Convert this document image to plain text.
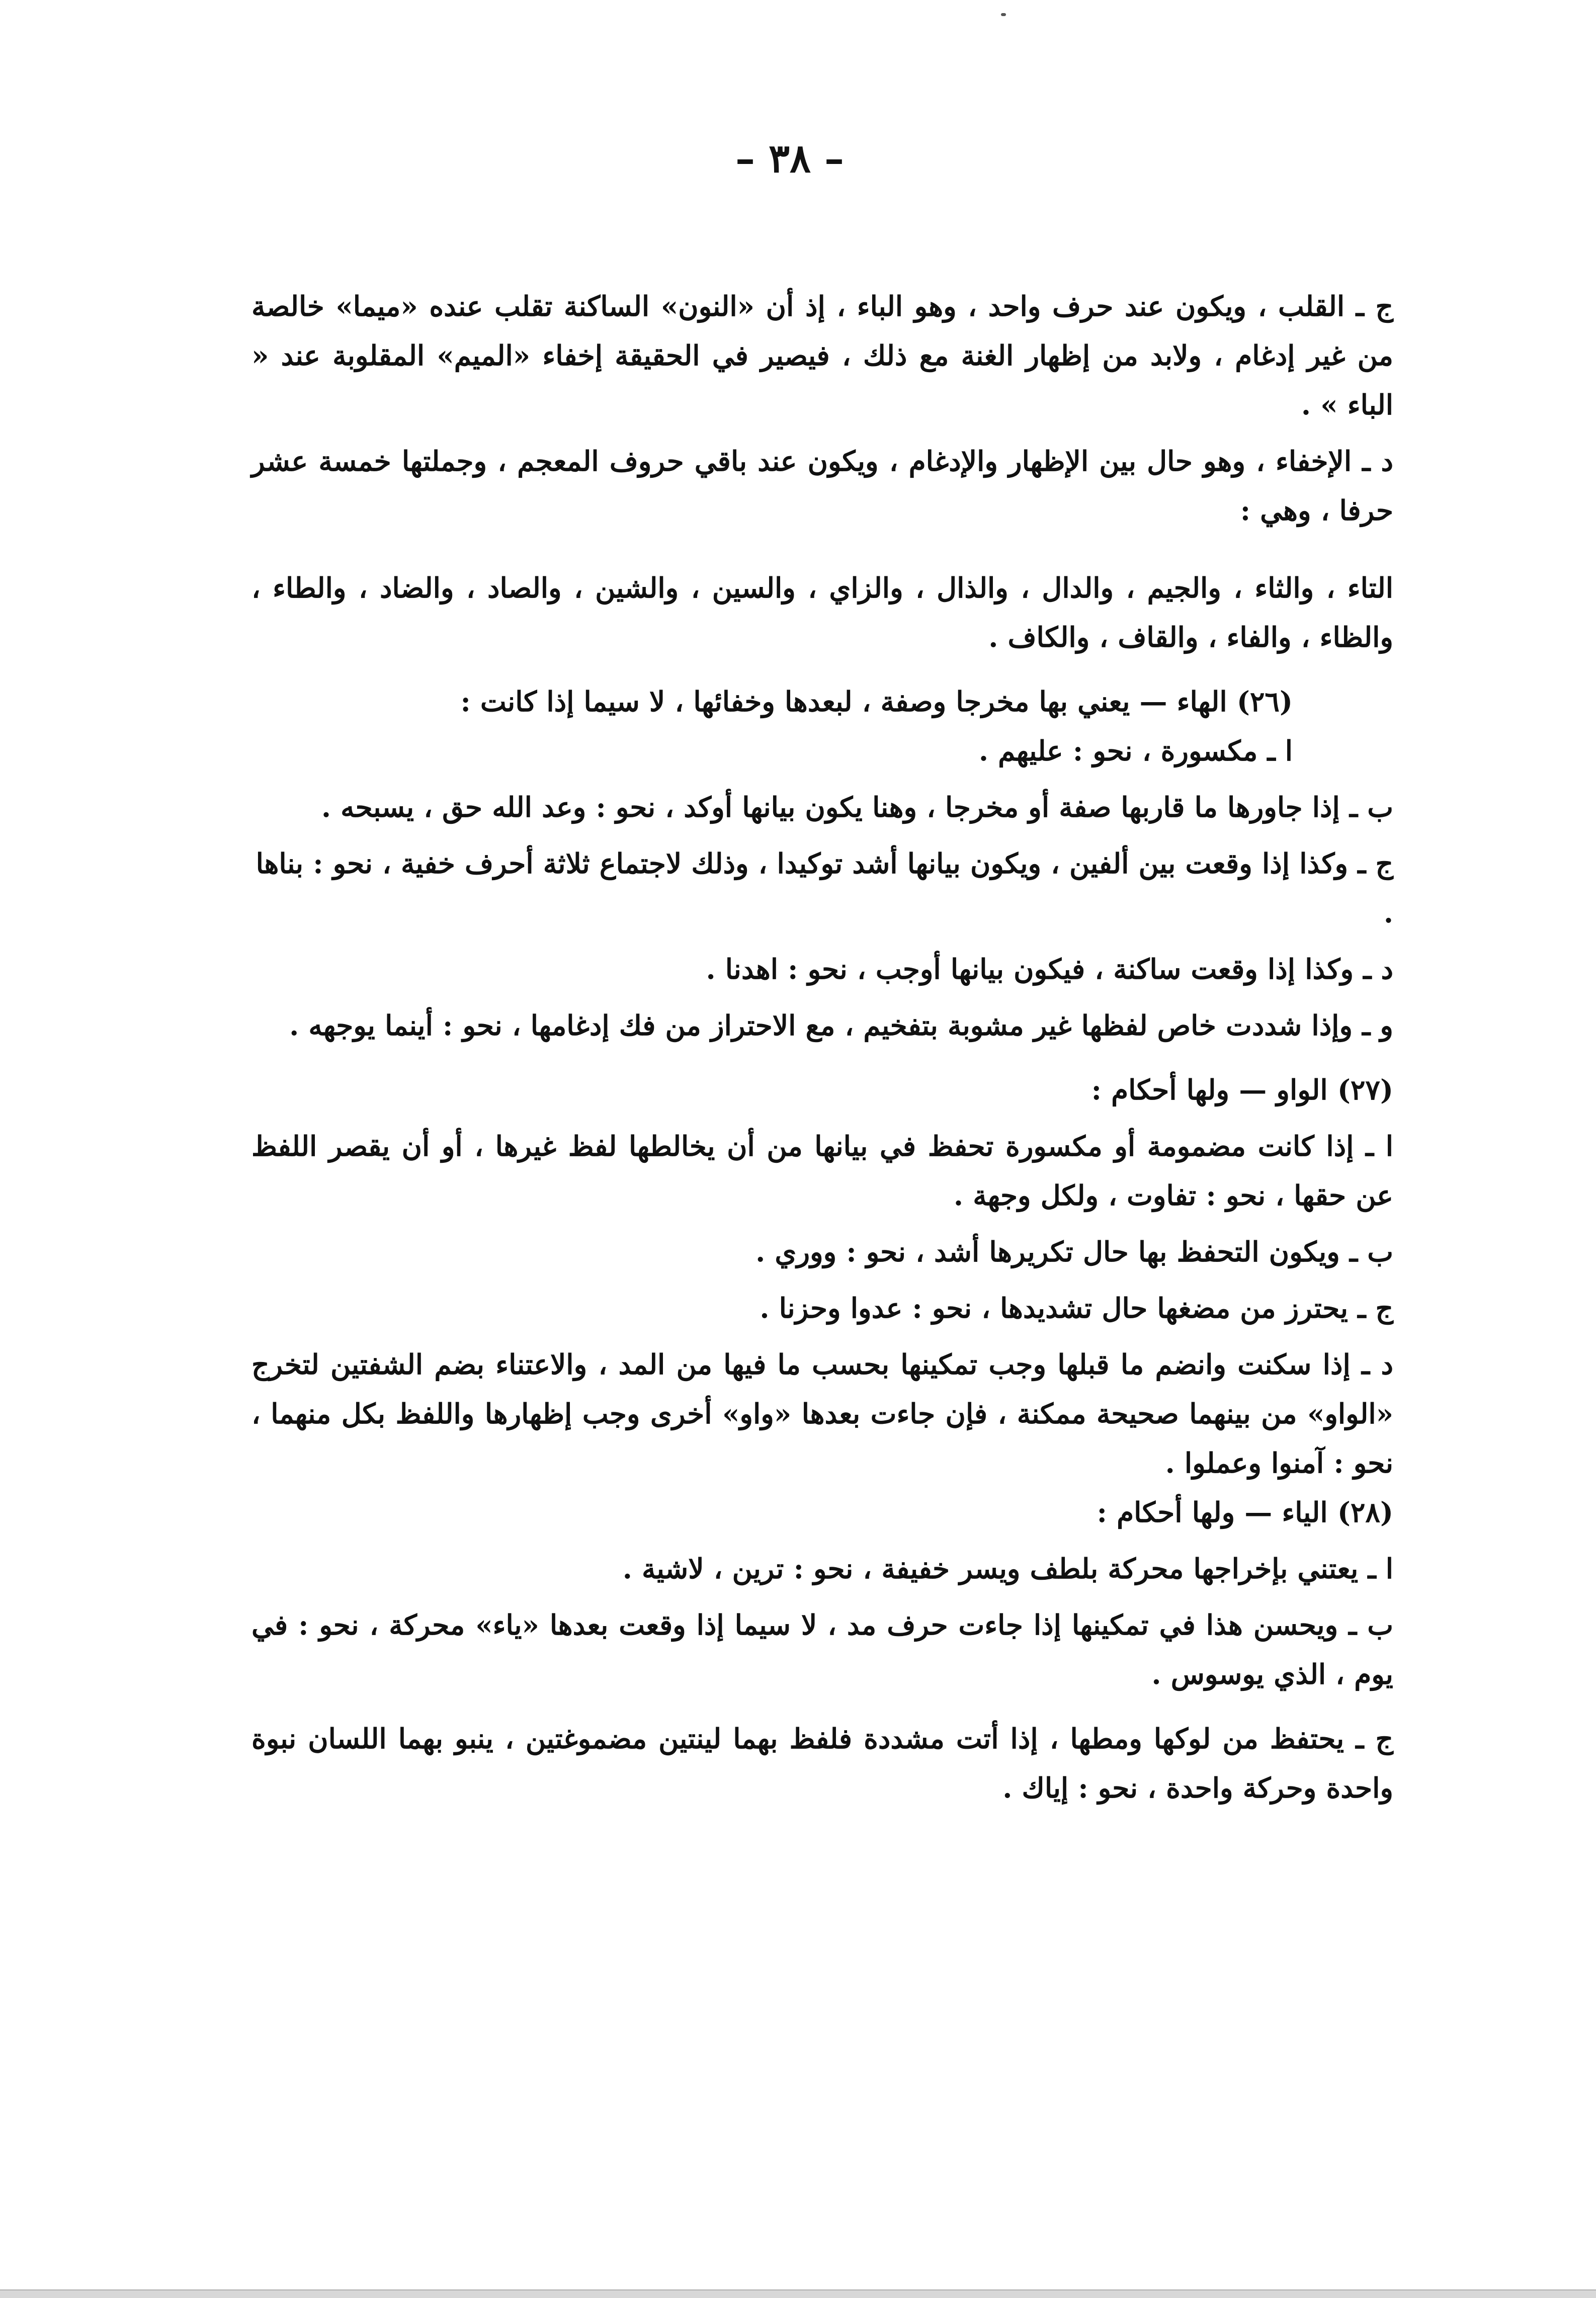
– ٣٨ –

ج ـ القلب ، ويكون عند حرف واحد ، وهو الباء ، إذ أن «النون» الساكنة تقلب عنده «ميما» خالصة من غير إدغام ، ولابد من إظهار الغنة مع ذلك ، فيصير في الحقيقة إخفاء «الميم» المقلوبة عند « الباء » .

د ـ الإخفاء ، وهو حال بين الإظهار والإدغام ، ويكون عند باقي حروف المعجم ، وجملتها خمسة عشر حرفا ، وهي :

التاء ، والثاء ، والجيم ، والدال ، والذال ، والزاي ، والسين ، والشين ، والصاد ، والضاد ، والطاء ، والظاء ، والفاء ، والقاف ، والكاف .

(٢٦) الهاء — يعني بها مخرجا وصفة ، لبعدها وخفائها ، لا سيما إذا كانت :

ا ـ مكسورة ، نحو : عليهم .

ب ـ إذا جاورها ما قاربها صفة أو مخرجا ، وهنا يكون بيانها أوكد ، نحو : وعد الله حق ، يسبحه .

ج ـ وكذا إذا وقعت بين ألفين ، ويكون بيانها أشد توكيدا ، وذلك لاجتماع ثلاثة أحرف خفية ، نحو : بناها .

د ـ وكذا إذا وقعت ساكنة ، فيكون بيانها أوجب ، نحو : اهدنا .

و ـ وإذا شددت خاص لفظها غير مشوبة بتفخيم ، مع الاحتراز من فك إدغامها ، نحو : أينما يوجهه .

(٢٧) الواو — ولها أحكام :

ا ـ إذا كانت مضمومة أو مكسورة تحفظ في بيانها من أن يخالطها لفظ غيرها ، أو أن يقصر اللفظ عن حقها ، نحو : تفاوت ، ولكل وجهة .

ب ـ ويكون التحفظ بها حال تكريرها أشد ، نحو : ووري .

ج ـ يحترز من مضغها حال تشديدها ، نحو : عدوا وحزنا .

د ـ إذا سكنت وانضم ما قبلها وجب تمكينها بحسب ما فيها من المد ، والاعتناء بضم الشفتين لتخرج «الواو» من بينهما صحيحة ممكنة ، فإن جاءت بعدها «واو» أخرى وجب إظهارها واللفظ بكل منهما ، نحو : آمنوا وعملوا .

(٢٨) الياء — ولها أحكام :

ا ـ يعتني بإخراجها محركة بلطف ويسر خفيفة ، نحو : ترين ، لاشية .

ب ـ ويحسن هذا في تمكينها إذا جاءت حرف مد ، لا سيما إذا وقعت بعدها «ياء» محركة ، نحو : في يوم ، الذي يوسوس .

ج ـ يحتفظ من لوكها ومطها ، إذا أتت مشددة فلفظ بهما لينتين مضموغتين ، ينبو بهما اللسان نبوة واحدة وحركة واحدة ، نحو : إياك .
